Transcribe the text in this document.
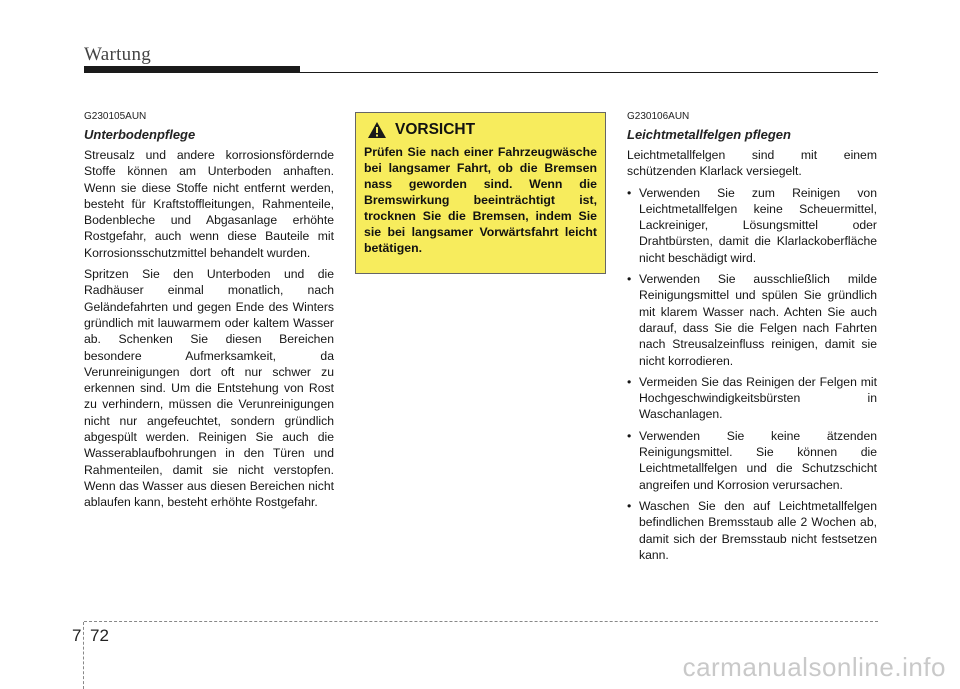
Wartung
G230105AUN
Unterbodenpflege

Streusalz und andere korrosionsfördernde Stoffe können am Unterboden anhaften. Wenn sie diese Stoffe nicht entfernt werden, besteht für Kraftstoffleitungen, Rahmenteile, Bodenbleche und Abgasanlage erhöhte Rostgefahr, auch wenn diese Bauteile mit Korrosionsschutzmittel behandelt wurden.

Spritzen Sie den Unterboden und die Radhäuser einmal monatlich, nach Geländefahrten und gegen Ende des Winters gründlich mit lauwarmem oder kaltem Wasser ab. Schenken Sie diesen Bereichen besondere Aufmerksamkeit, da Verunreinigungen dort oft nur schwer zu erkennen sind. Um die Entstehung von Rost zu verhindern, müssen die Verunreinigungen nicht nur angefeuchtet, sondern gründlich abgespült werden. Reinigen Sie auch die Wasserablaufbohrungen in den Türen und Rahmenteilen, damit sie nicht verstopfen. Wenn das Wasser aus diesen Bereichen nicht ablaufen kann, besteht erhöhte Rostgefahr.

VORSICHT

Prüfen Sie nach einer Fahrzeugwäsche bei langsamer Fahrt, ob die Bremsen nass geworden sind. Wenn die Bremswirkung beeinträchtigt ist, trocknen Sie die Bremsen, indem Sie sie bei langsamer Vorwärtsfahrt leicht betätigen.

G230106AUN
Leichtmetallfelgen pflegen

Leichtmetallfelgen sind mit einem schützenden Klarlack versiegelt.

• Verwenden Sie zum Reinigen von Leichtmetallfelgen keine Scheuermittel, Lackreiniger, Lösungsmittel oder Drahtbürsten, damit die Klarlackoberfläche nicht beschädigt wird.
• Verwenden Sie ausschließlich milde Reinigungsmittel und spülen Sie gründlich mit klarem Wasser nach. Achten Sie auch darauf, dass Sie die Felgen nach Fahrten nach Streusalzeinfluss reinigen, damit sie nicht korrodieren.
• Vermeiden Sie das Reinigen der Felgen mit Hochgeschwindigkeitsbürsten in Waschanlagen.
• Verwenden Sie keine ätzenden Reinigungsmittel. Sie können die Leichtmetallfelgen und die Schutzschicht angreifen und Korrosion verursachen.
• Waschen Sie den auf Leichtmetallfelgen befindlichen Bremsstaub alle 2 Wochen ab, damit sich der Bremsstaub nicht festsetzen kann.
7 72
carmanualsonline.info
